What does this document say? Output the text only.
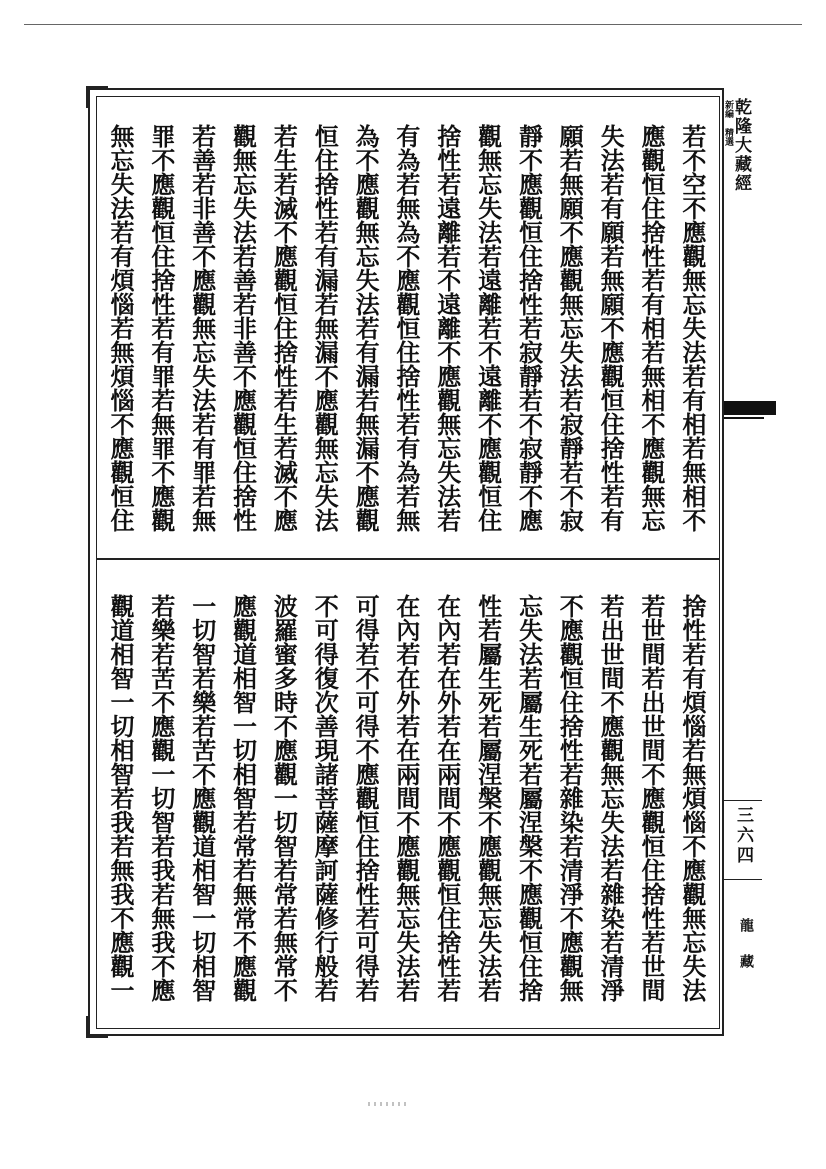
新編 精選
乾隆大藏經
三六四
龍藏
若不空不應觀無忘失法若有相若無相不
應觀恒住捨性若有相若無相不應觀無忘
失法若有願若無願不應觀恒住捨性若有
願若無願不應觀無忘失法若寂靜若不寂
靜不應觀恒住捨性若寂靜若不寂靜不應
觀無忘失法若遠離若不遠離不應觀恒住
捨性若遠離若不遠離不應觀無忘失法若
有為若無為不應觀恒住捨性若有為若無
為不應觀無忘失法若有漏若無漏不應觀
恒住捨性若有漏若無漏不應觀無忘失法
若生若滅不應觀恒住捨性若生若滅不應
觀無忘失法若善若非善不應觀恒住捨性
若善若非善不應觀無忘失法若有罪若無
罪不應觀恒住捨性若有罪若無罪不應觀
無忘失法若有煩惱若無煩惱不應觀恒住
捨性若有煩惱若無煩惱不應觀無忘失法
若世間若出世間不應觀恒住捨性若世間
若出世間不應觀無忘失法若雜染若清淨
不應觀恒住捨性若雜染若清淨不應觀無
忘失法若屬生死若屬涅槃不應觀恒住捨
性若屬生死若屬涅槃不應觀無忘失法若
在內若在外若在兩間不應觀恒住捨性若
在內若在外若在兩間不應觀無忘失法若
可得若不可得不應觀恒住捨性若可得若
不可得復次善現諸菩薩摩訶薩修行般若
波羅蜜多時不應觀一切智若常若無常不
應觀道相智一切相智若常若無常不應觀
一切智若樂若苦不應觀道相智一切相智
若樂若苦不應觀一切智若我若無我不應
觀道相智一切相智若我若無我不應觀一
